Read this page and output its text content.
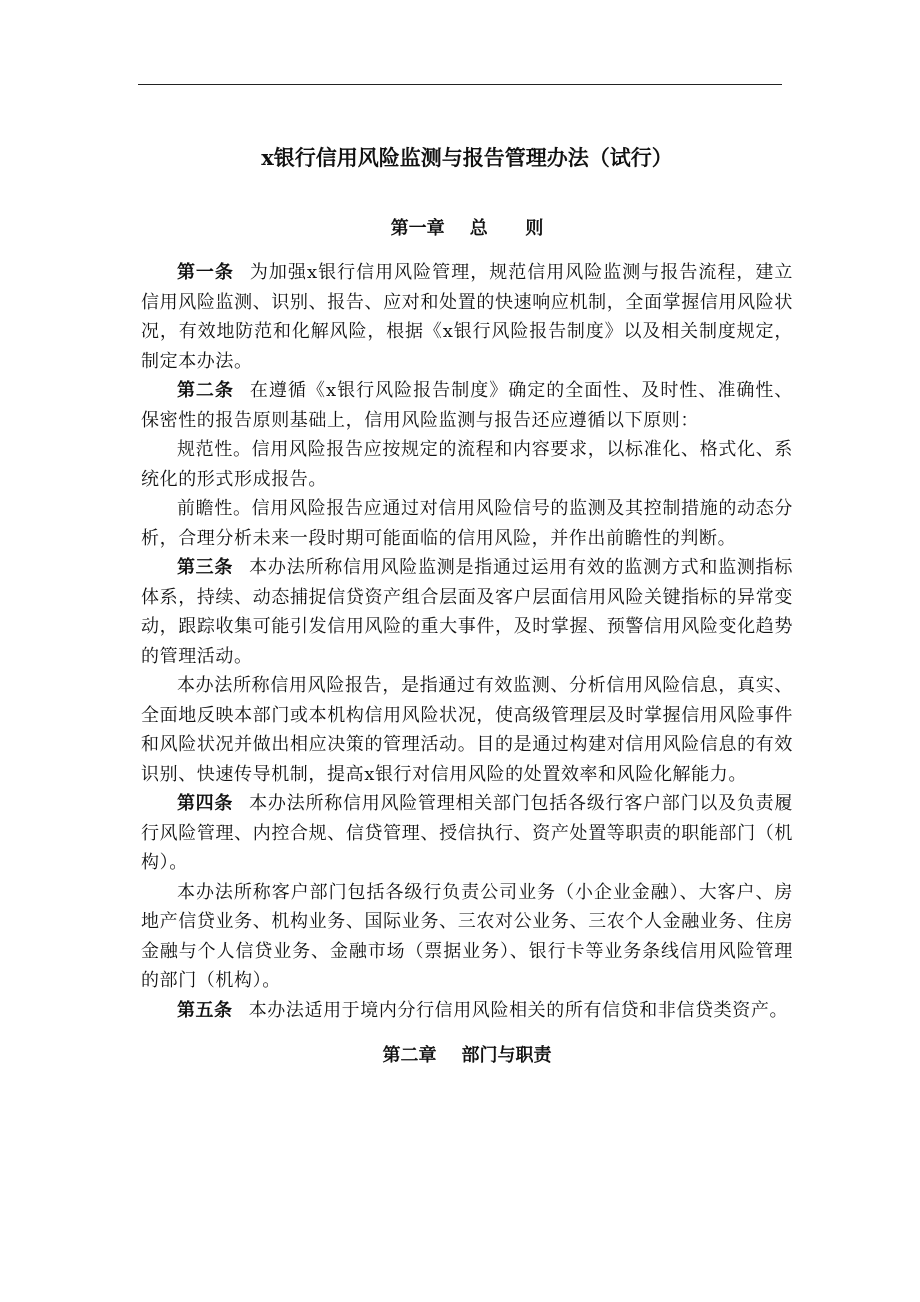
x银行信用风险监测与报告管理办法（试行）
第一章    总      则

第一条 为加强x银行信用风险管理，规范信用风险监测与报告流程，建立信用风险监测、识别、报告、应对和处置的快速响应机制，全面掌握信用风险状况，有效地防范和化解风险，根据《x银行风险报告制度》以及相关制度规定，制定本办法。

第二条 在遵循《x银行风险报告制度》确定的全面性、及时性、准确性、保密性的报告原则基础上，信用风险监测与报告还应遵循以下原则：

规范性。信用风险报告应按规定的流程和内容要求，以标准化、格式化、系统化的形式形成报告。

前瞻性。信用风险报告应通过对信用风险信号的监测及其控制措施的动态分析，合理分析未来一段时期可能面临的信用风险，并作出前瞻性的判断。

第三条 本办法所称信用风险监测是指通过运用有效的监测方式和监测指标体系，持续、动态捕捉信贷资产组合层面及客户层面信用风险关键指标的异常变动，跟踪收集可能引发信用风险的重大事件，及时掌握、预警信用风险变化趋势的管理活动。

本办法所称信用风险报告，是指通过有效监测、分析信用风险信息，真实、全面地反映本部门或本机构信用风险状况，使高级管理层及时掌握信用风险事件和风险状况并做出相应决策的管理活动。目的是通过构建对信用风险信息的有效识别、快速传导机制，提高x银行对信用风险的处置效率和风险化解能力。

第四条 本办法所称信用风险管理相关部门包括各级行客户部门以及负责履行风险管理、内控合规、信贷管理、授信执行、资产处置等职责的职能部门（机构）。

本办法所称客户部门包括各级行负责公司业务（小企业金融）、大客户、房地产信贷业务、机构业务、国际业务、三农对公业务、三农个人金融业务、住房金融与个人信贷业务、金融市场（票据业务）、银行卡等业务条线信用风险管理的部门（机构）。

第五条 本办法适用于境内分行信用风险相关的所有信贷和非信贷类资产。

第二章    部门与职责
